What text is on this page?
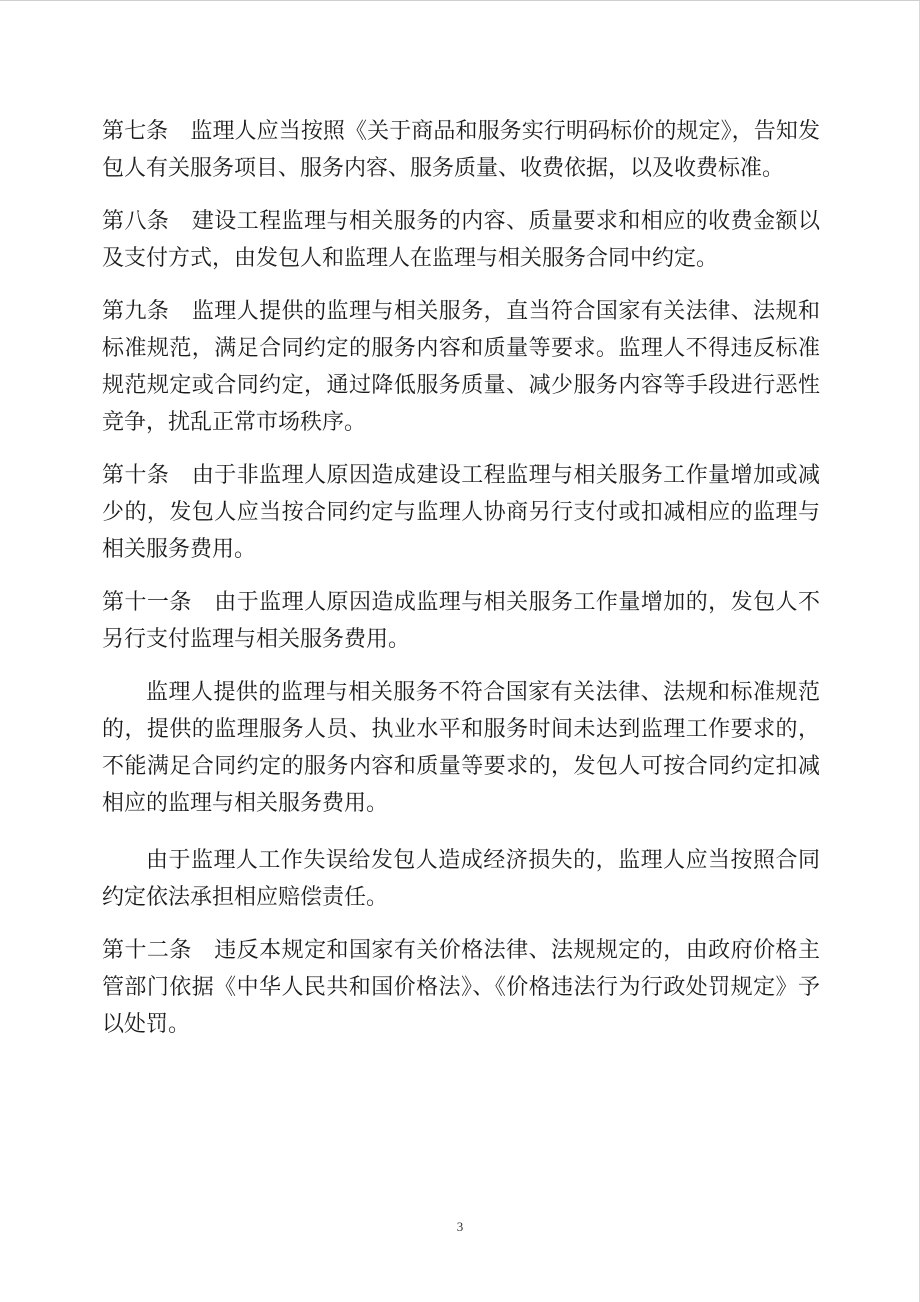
第七条　 监理人应当按照《关于商品和服务实行明码标价的规定》，告知发包人有关服务项目、服务内容、服务质量、收费依据，以及收费标准。

第八条　 建设工程监理与相关服务的内容、质量要求和相应的收费金额以及支付方式，由发包人和监理人在监理与相关服务合同中约定。

第九条　 监理人提供的监理与相关服务，直当符合国家有关法律、法规和标准规范，满足合同约定的服务内容和质量等要求。监理人不得违反标准规范规定或合同约定，通过降低服务质量、减少服务内容等手段进行恶性竞争，扰乱正常市场秩序。

第十条　 由于非监理人原因造成建设工程监理与相关服务工作量增加或减少的，发包人应当按合同约定与监理人协商另行支付或扣减相应的监理与相关服务费用。

第十一条　 由于监理人原因造成监理与相关服务工作量增加的，发包人不另行支付监理与相关服务费用。

监理人提供的监理与相关服务不符合国家有关法律、法规和标准规范的，提供的监理服务人员、执业水平和服务时间未达到监理工作要求的，不能满足合同约定的服务内容和质量等要求的，发包人可按合同约定扣减相应的监理与相关服务费用。

由于监理人工作失误给发包人造成经济损失的，监理人应当按照合同约定依法承担相应赔偿责任。

第十二条　 违反本规定和国家有关价格法律、法规规定的，由政府价格主管部门依据《中华人民共和国价格法》、《价格违法行为行政处罚规定》予以处罚。

3
